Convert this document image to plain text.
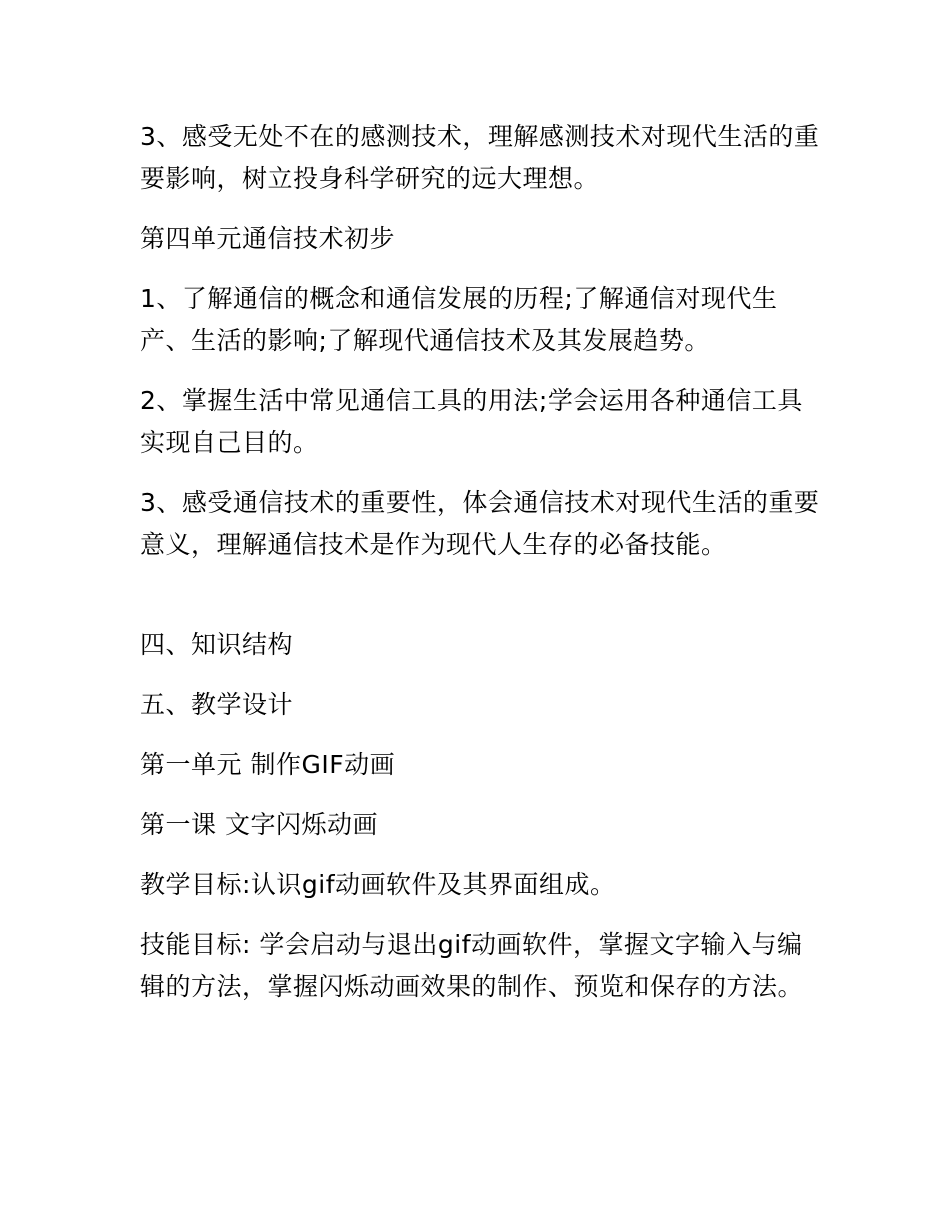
3、感受无处不在的感测技术，理解感测技术对现代生活的重要影响，树立投身科学研究的远大理想。

第四单元通信技术初步

1、了解通信的概念和通信发展的历程;了解通信对现代生产、生活的影响;了解现代通信技术及其发展趋势。

2、掌握生活中常见通信工具的用法;学会运用各种通信工具实现自己目的。

3、感受通信技术的重要性，体会通信技术对现代生活的重要意义，理解通信技术是作为现代人生存的必备技能。

四、知识结构

五、教学设计

第一单元 制作GIF动画

第一课 文字闪烁动画

教学目标:认识gif动画软件及其界面组成。

技能目标: 学会启动与退出gif动画软件，掌握文字输入与编辑的方法，掌握闪烁动画效果的制作、预览和保存的方法。
